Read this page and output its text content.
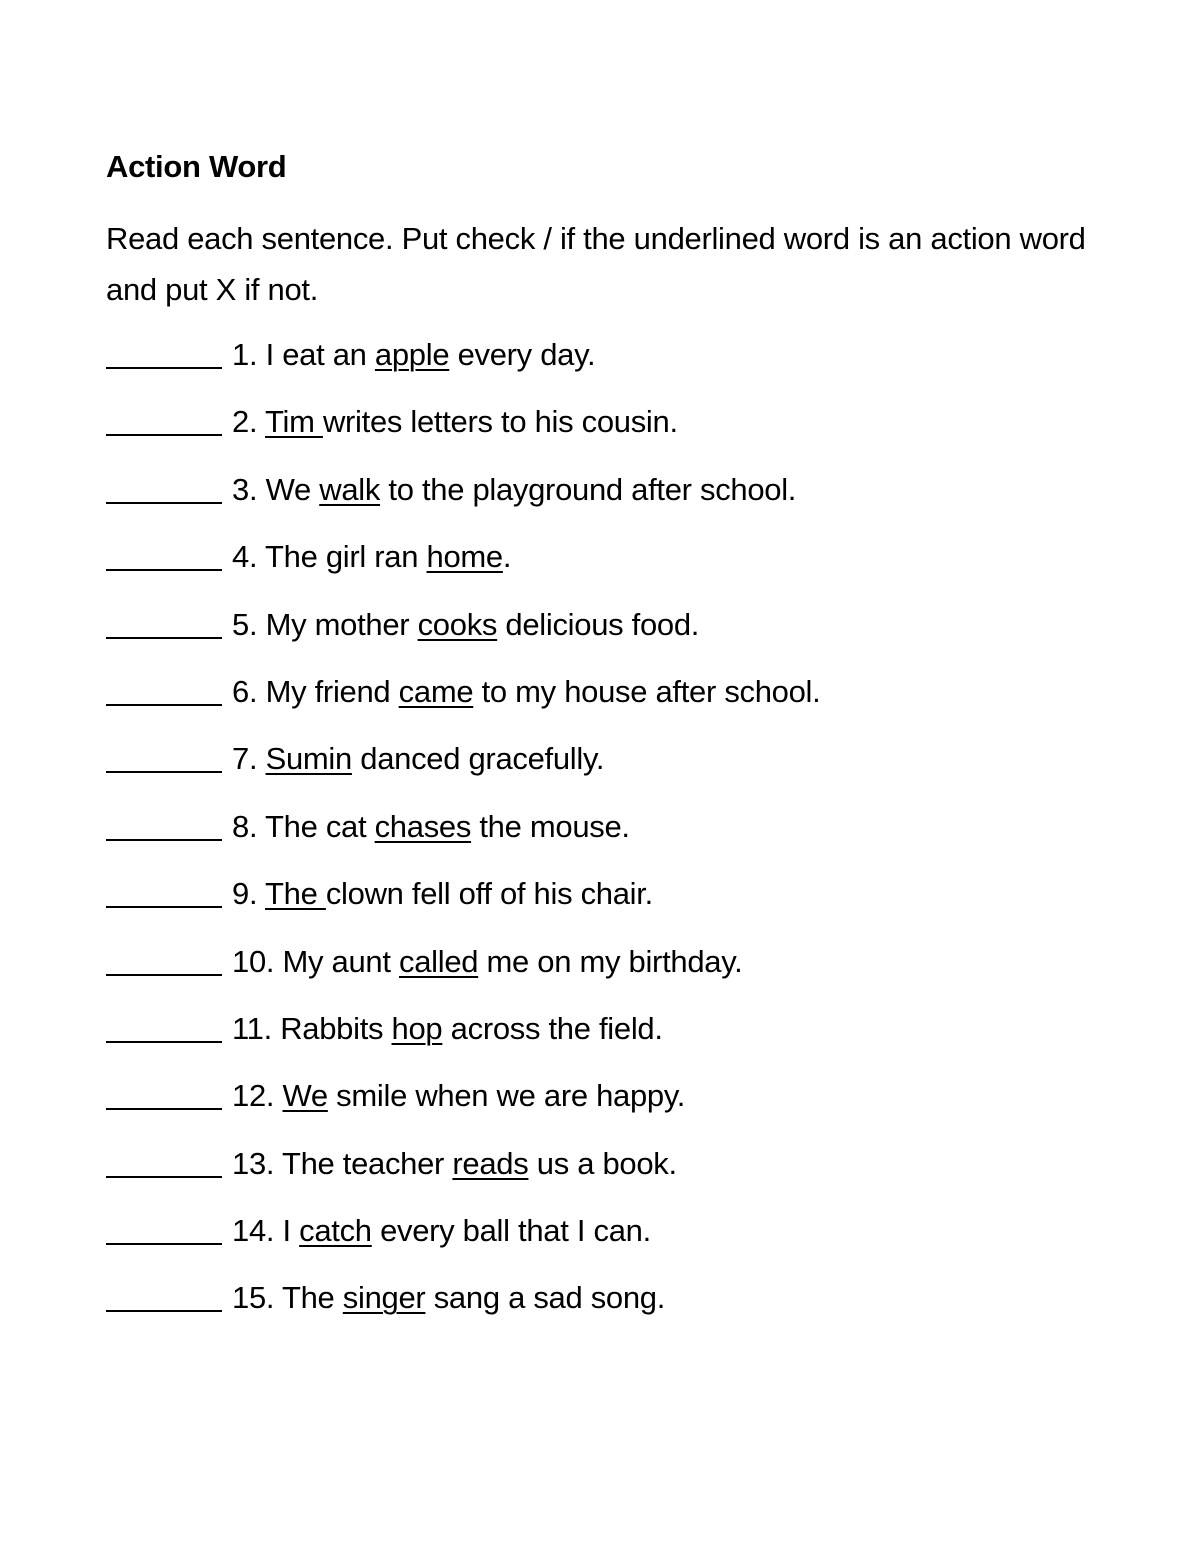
Action Word
Read each sentence. Put check / if the underlined word is an action word and put X if not.
1. I eat an apple every day.
2. Tim writes letters to his cousin.
3. We walk to the playground after school.
4. The girl ran home.
5. My mother cooks delicious food.
6. My friend came to my house after school.
7. Sumin danced gracefully.
8. The cat chases the mouse.
9. The clown fell off of his chair.
10. My aunt called me on my birthday.
11. Rabbits hop across the field.
12. We smile when we are happy.
13. The teacher reads us a book.
14. I catch every ball that I can.
15. The singer sang a sad song.
